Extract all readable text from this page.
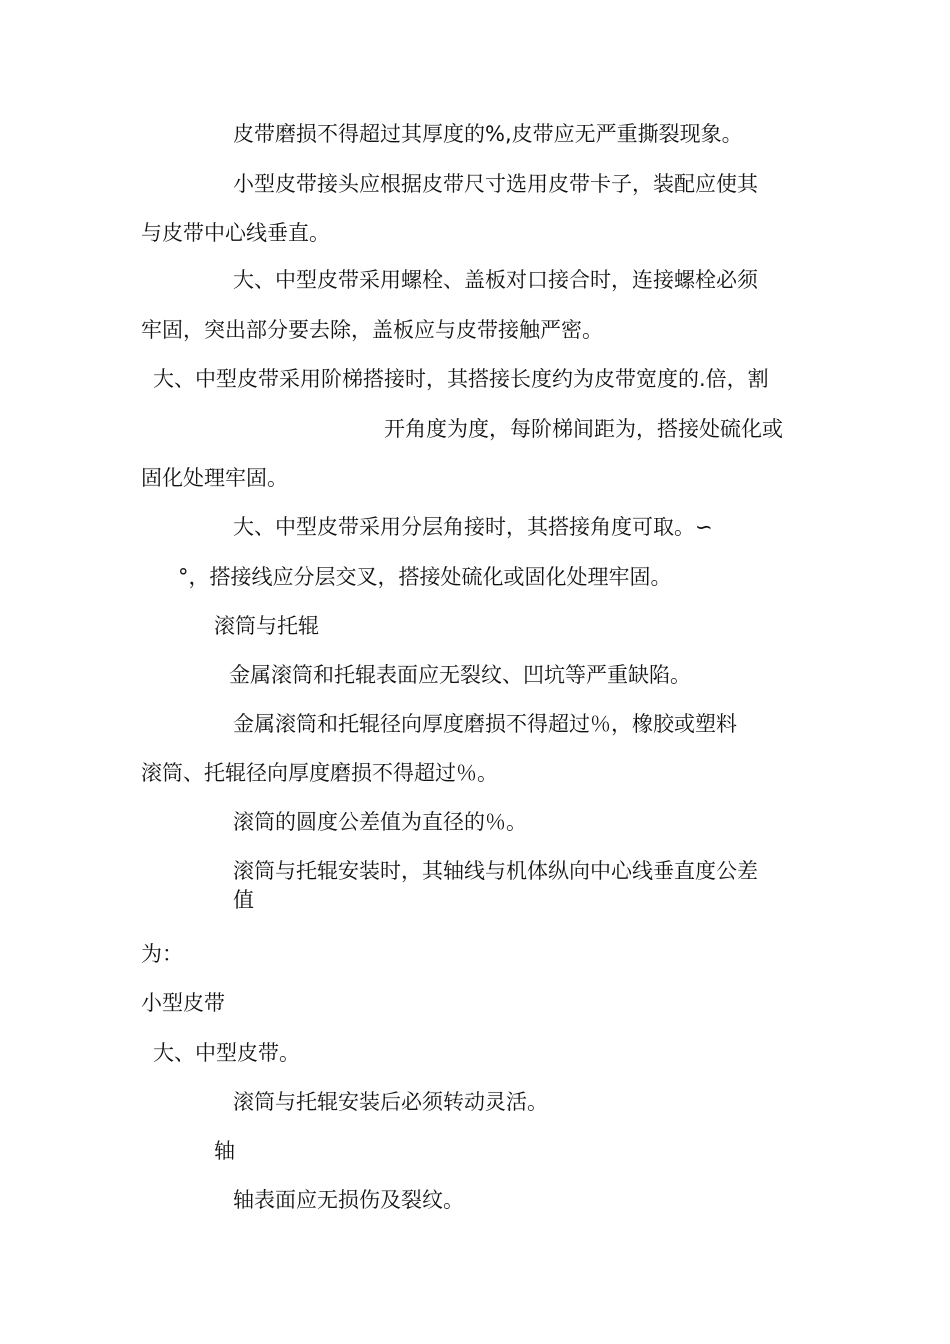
皮带磨损不得超过其厚度的%,皮带应无严重撕裂现象。

小型皮带接头应根据皮带尺寸选用皮带卡子，装配应使其

与皮带中心线垂直。

大、中型皮带采用螺栓、盖板对口接合时，连接螺栓必须

牢固，突出部分要去除，盖板应与皮带接触严密。

大、中型皮带采用阶梯搭接时，其搭接长度约为皮带宽度的.倍，割

开角度为度，每阶梯间距为，搭接处硫化或

固化处理牢固。

大、中型皮带采用分层角接时，其搭接角度可取。∽

°，搭接线应分层交叉，搭接处硫化或固化处理牢固。

滚筒与托辊

金属滚筒和托辊表面应无裂纹、凹坑等严重缺陷。

金属滚筒和托辊径向厚度磨损不得超过％，橡胶或塑料

滚筒、托辊径向厚度磨损不得超过％。

滚筒的圆度公差值为直径的％。

滚筒与托辊安装时，其轴线与机体纵向中心线垂直度公差

值

为：

小型皮带

大、中型皮带。

滚筒与托辊安装后必须转动灵活。

轴

轴表面应无损伤及裂纹。
